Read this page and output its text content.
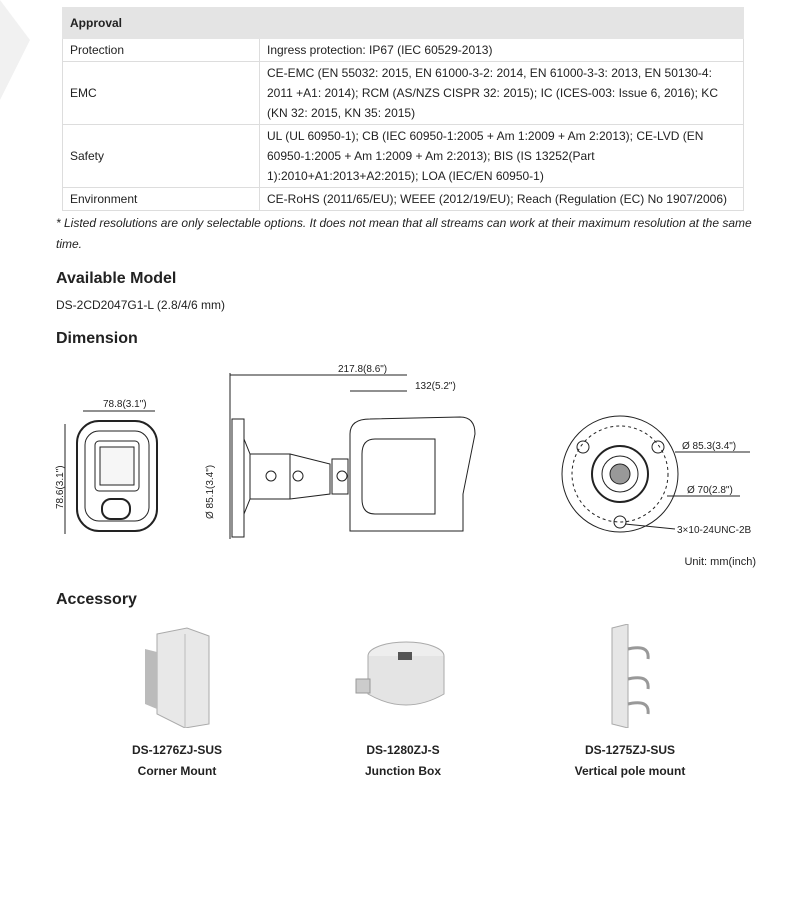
Approval	
Protection	Ingress protection: IP67 (IEC 60529-2013)
EMC	CE-EMC (EN 55032: 2015, EN 61000-3-2: 2014, EN 61000-3-3: 2013, EN 50130-4: 2011 +A1: 2014); RCM (AS/NZS CISPR 32: 2015); IC (ICES-003: Issue 6, 2016); KC (KN 32: 2015, KN 35: 2015)
Safety	UL (UL 60950-1); CB (IEC 60950-1:2005 + Am 1:2009 + Am 2:2013); CE-LVD (EN 60950-1:2005 + Am 1:2009 + Am 2:2013); BIS (IS 13252(Part 1):2010+A1:2013+A2:2015); LOA (IEC/EN 60950-1)
Environment	CE-RoHS (2011/65/EU); WEEE (2012/19/EU); Reach (Regulation (EC) No 1907/2006)
* Listed resolutions are only selectable options. It does not mean that all streams can work at their maximum resolution at the same time.
Available Model
DS-2CD2047G1-L (2.8/4/6 mm)
Dimension
78.8(3.1")
78.6(3.1")
217.8(8.6")
132(5.2")
Ø 85.1(3.4")
Ø 85.3(3.4")
Ø 70(2.8")
3×10-24UNC-2B
Unit: mm(inch)
Accessory
DS-1276ZJ-SUS
Corner Mount
DS-1280ZJ-S
Junction Box
DS-1275ZJ-SUS
Vertical pole mount
